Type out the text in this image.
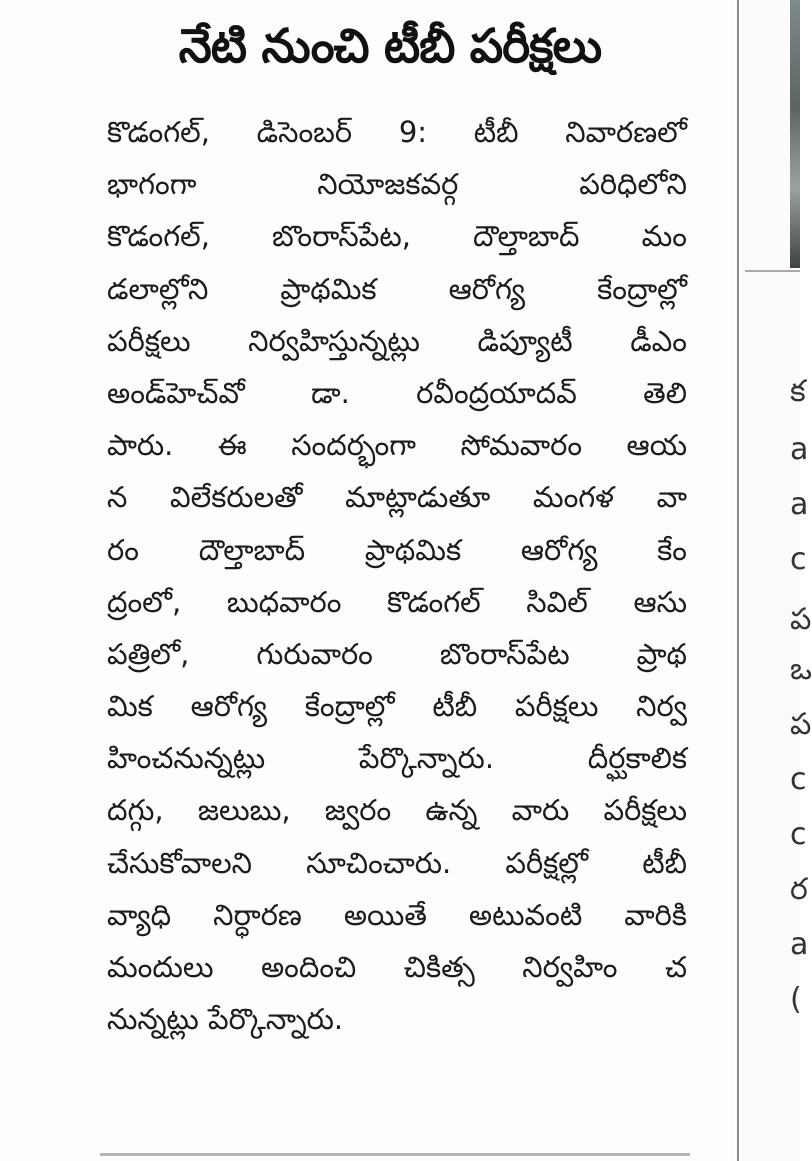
నేటి నుంచి టీబీ పరీక్షలు
కొడంగల్, డిసెంబర్ 9: టీబీ నివారణలో
భాగంగా నియోజకవర్గ పరిధిలోని
కొడంగల్, బొంరాస్‌పేట, దౌల్తాబాద్ మం
డలాల్లోని ప్రాథమిక ఆరోగ్య కేంద్రాల్లో
పరీక్షలు నిర్వహిస్తున్నట్లు డిప్యూటీ డీఎం
అండ్‌హెచ్‌వో డా. రవీంద్రయాదవ్ తెలి
పారు. ఈ సందర్భంగా సోమవారం ఆయ
న విలేకరులతో మాట్లాడుతూ మంగళ వా
రం దౌల్తాబాద్ ప్రాథమిక ఆరోగ్య కేం
ద్రంలో, బుధవారం కొడంగల్ సివిల్ ఆసు
పత్రిలో, గురువారం బొంరాస్‌పేట ప్రాథ
మిక ఆరోగ్య కేంద్రాల్లో టీబీ పరీక్షలు నిర్వ
హించనున్నట్లు పేర్కొన్నారు. దీర్ఘకాలిక
దగ్గు, జలుబు, జ్వరం ఉన్న వారు పరీక్షలు
చేసుకోవాలని సూచించారు. పరీక్షల్లో టీబీ
వ్యాధి నిర్ధారణ అయితే అటువంటి వారికి
మందులు అందించి చికిత్స నిర్వహిం చ
నున్నట్లు పేర్కొన్నారు.
క
a
a
c
ప
ఒ
ప
c
c
ర
a
(
